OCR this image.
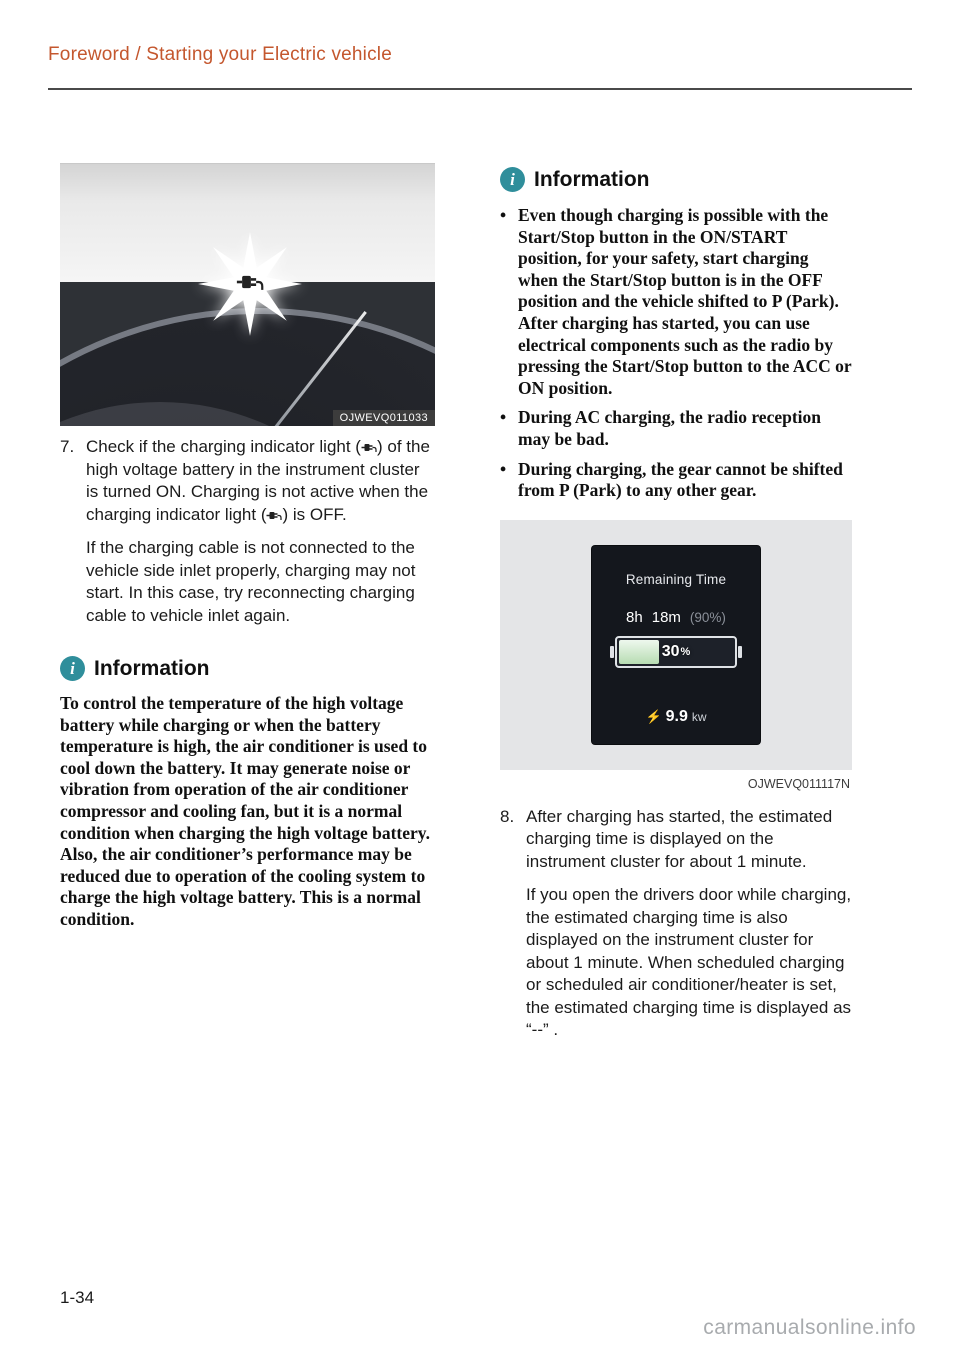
Foreword / Starting your Electric vehicle
OJWEVQ011033
7. Check if the charging indicator light ( ) of the high voltage battery in the instrument cluster is turned ON. Charging is not active when the charging indicator light ( ) is OFF.

If the charging cable is not connected to the vehicle side inlet properly, charging may not start. In this case, try reconnecting charging cable to vehicle inlet again.

i Information

To control the temperature of the high voltage battery while charging or when the battery temperature is high, the air conditioner is used to cool down the battery. It may generate noise or vibration from operation of the air conditioner compressor and cooling fan, but it is a normal condition when charging the high voltage battery. Also, the air conditioner’s performance may be reduced due to operation of the cooling system to charge the high voltage battery. This is a normal condition.

i Information
• Even though charging is possible with the Start/Stop button in the ON/START position, for your safety, start charging when the Start/Stop button is in the OFF position and the vehicle shifted to P (Park). After charging has started, you can use electrical components such as the radio by pressing the Start/Stop button to the ACC or ON position.
• During AC charging, the radio reception may be bad.
• During charging, the gear cannot be shifted from P (Park) to any other gear.
Remaining Time
8h 18m (90%)
30 %
⚡ 9.9 kw
OJWEVQ011117N
8. After charging has started, the estimated charging time is displayed on the instrument cluster for about 1 minute.

If you open the drivers door while charging, the estimated charging time is also displayed on the instrument cluster for about 1 minute. When scheduled charging or scheduled air conditioner/heater is set, the estimated charging time is displayed as “--” .

1-34
carmanualsonline.info
